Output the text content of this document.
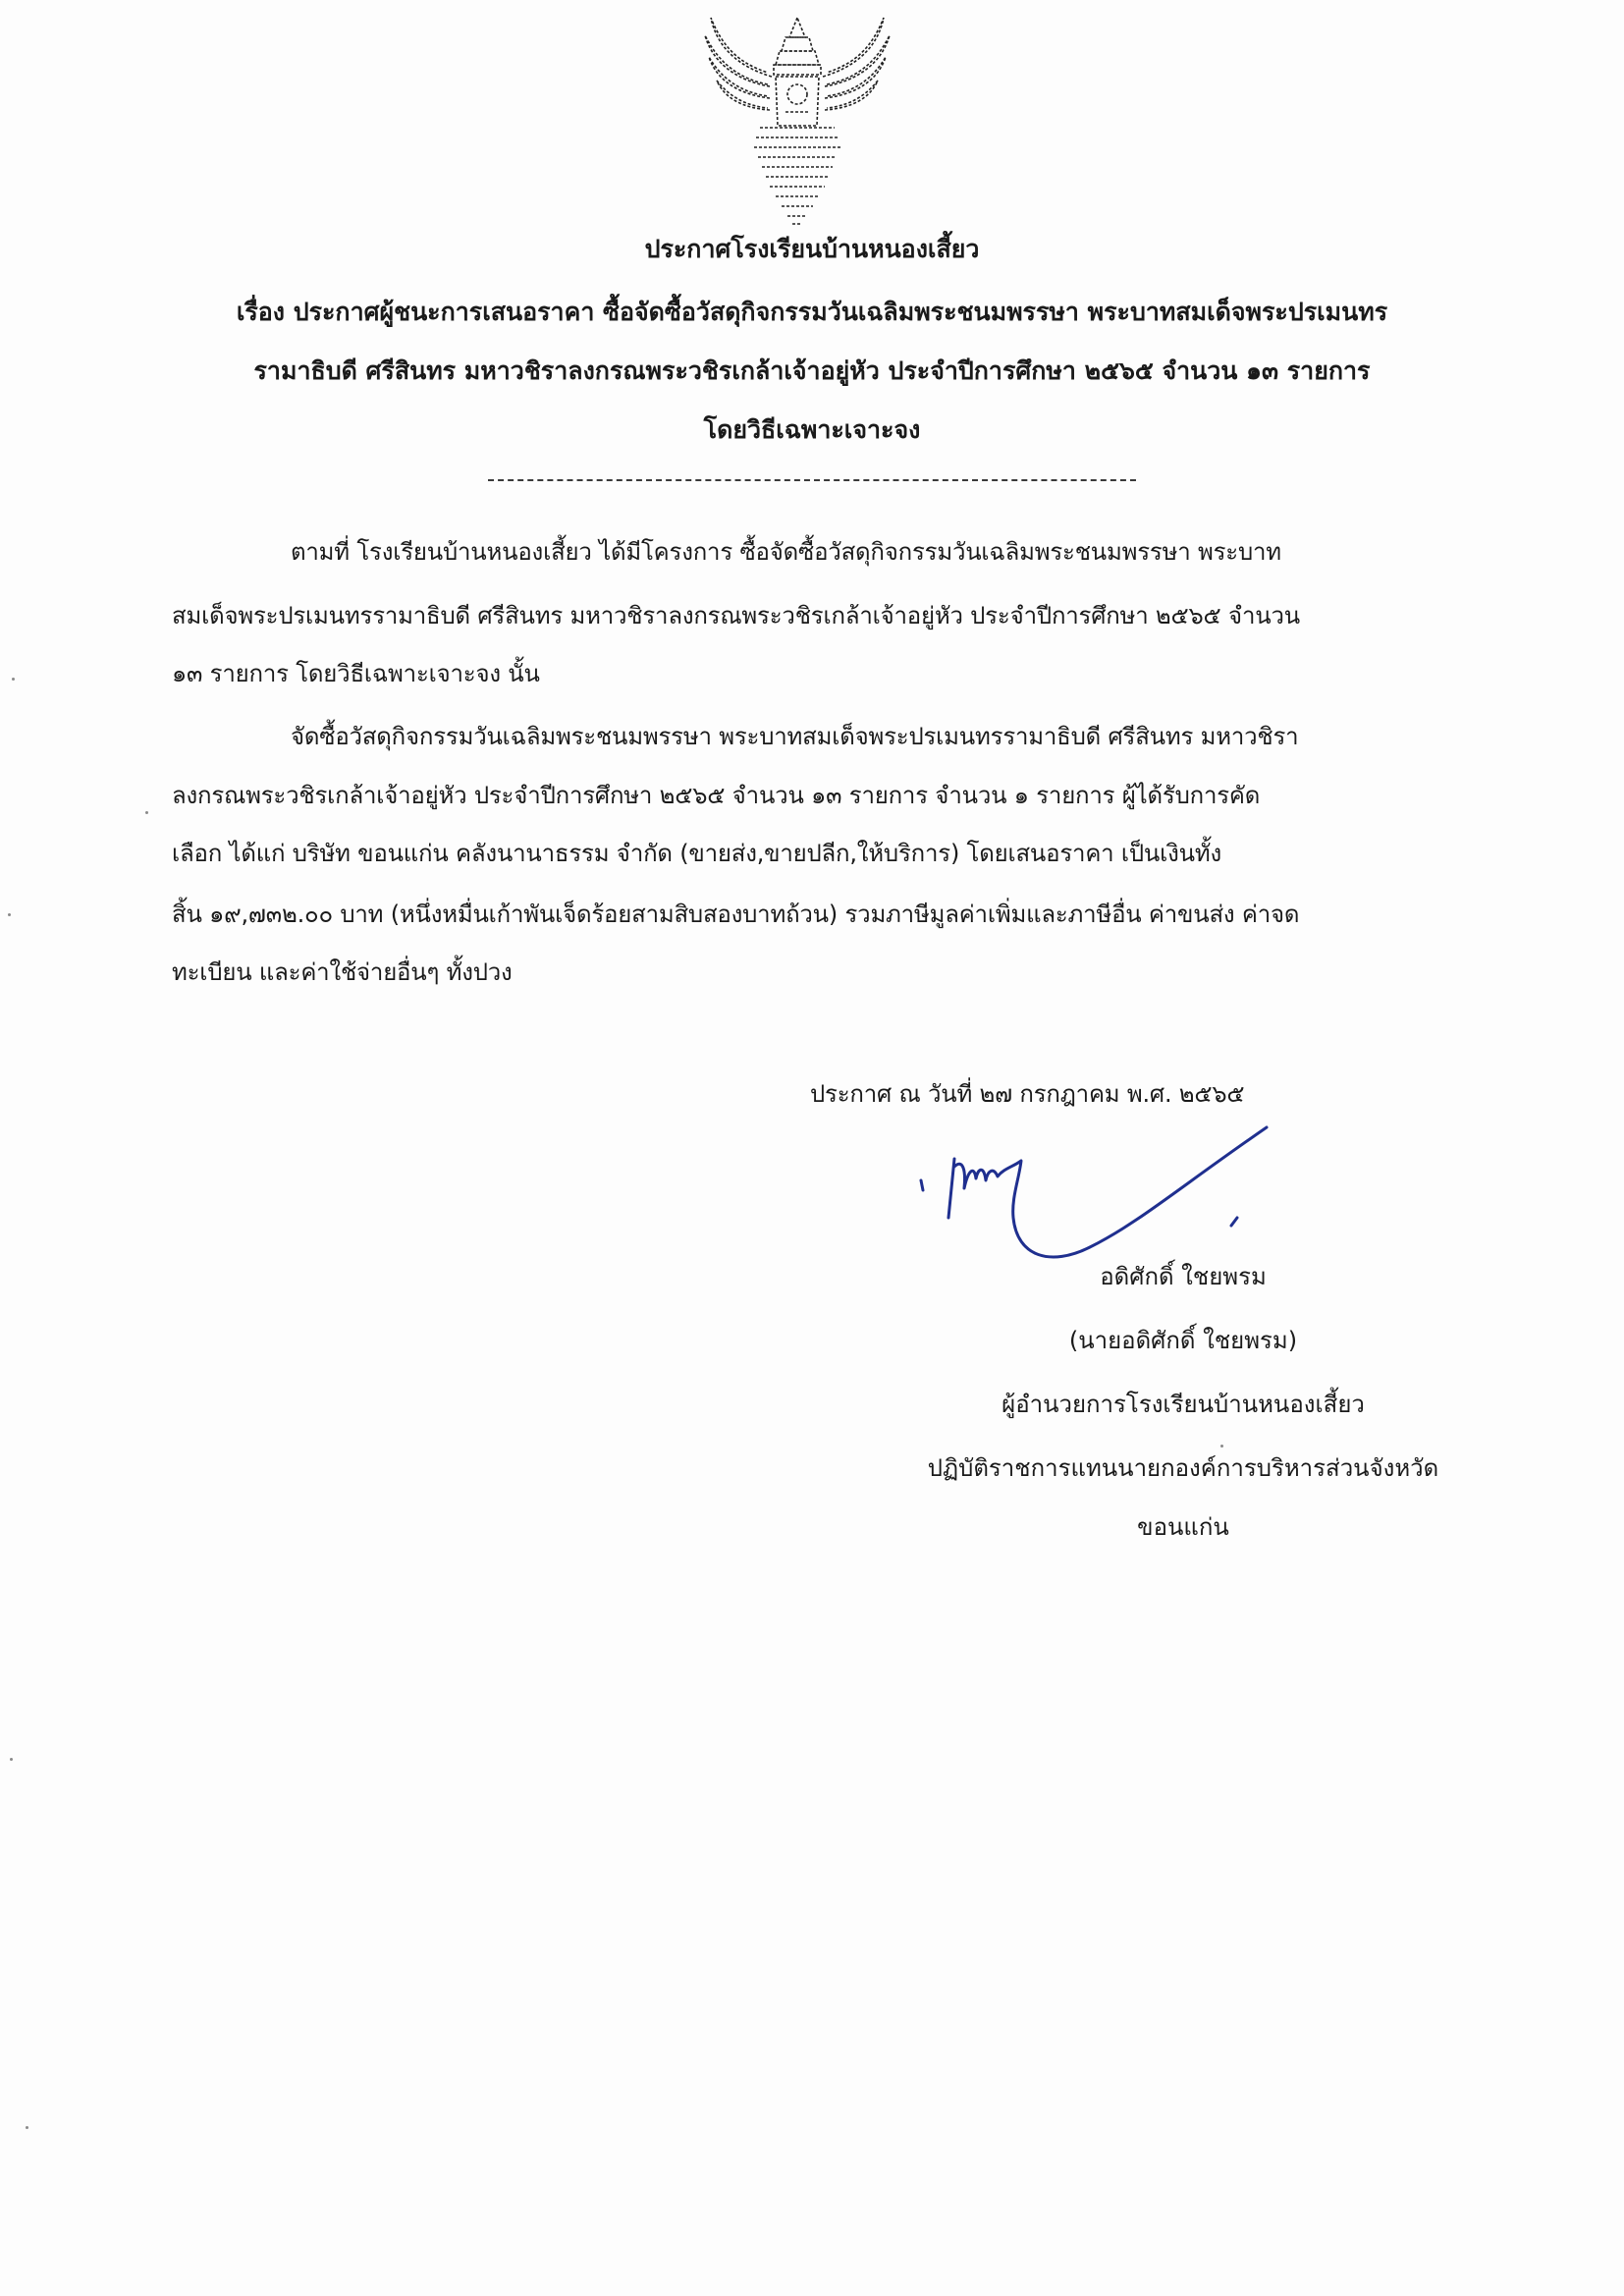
ประกาศโรงเรียนบ้านหนองเสี้ยว
เรื่อง ประกาศผู้ชนะการเสนอราคา ซื้อจัดซื้อวัสดุกิจกรรมวันเฉลิมพระชนมพรรษา พระบาทสมเด็จพระปรเมนทร
รามาธิบดี ศรีสินทร มหาวชิราลงกรณพระวชิรเกล้าเจ้าอยู่หัว ประจำปีการศึกษา ๒๕๖๕ จำนวน ๑๓ รายการ
โดยวิธีเฉพาะเจาะจง
ตามที่ โรงเรียนบ้านหนองเสี้ยว ได้มีโครงการ ซื้อจัดซื้อวัสดุกิจกรรมวันเฉลิมพระชนมพรรษา พระบาท
สมเด็จพระปรเมนทรรามาธิบดี ศรีสินทร มหาวชิราลงกรณพระวชิรเกล้าเจ้าอยู่หัว ประจำปีการศึกษา ๒๕๖๕ จำนวน
๑๓ รายการ โดยวิธีเฉพาะเจาะจง นั้น
จัดซื้อวัสดุกิจกรรมวันเฉลิมพระชนมพรรษา พระบาทสมเด็จพระปรเมนทรรามาธิบดี ศรีสินทร มหาวชิรา
ลงกรณพระวชิรเกล้าเจ้าอยู่หัว ประจำปีการศึกษา ๒๕๖๕ จำนวน ๑๓ รายการ จำนวน ๑ รายการ ผู้ได้รับการคัด
เลือก ได้แก่ บริษัท ขอนแก่น คลังนานาธรรม จำกัด (ขายส่ง,ขายปลีก,ให้บริการ) โดยเสนอราคา เป็นเงินทั้ง
สิ้น ๑๙,๗๓๒.๐๐ บาท (หนึ่งหมื่นเก้าพันเจ็ดร้อยสามสิบสองบาทถ้วน) รวมภาษีมูลค่าเพิ่มและภาษีอื่น ค่าขนส่ง ค่าจด
ทะเบียน และค่าใช้จ่ายอื่นๆ ทั้งปวง
ประกาศ ณ วันที่ ๒๗ กรกฎาคม พ.ศ. ๒๕๖๕
อดิศักดิ์ ใชยพรม
(นายอดิศักดิ์ ใชยพรม)
ผู้อำนวยการโรงเรียนบ้านหนองเสี้ยว
ปฏิบัติราชการแทนนายกองค์การบริหารส่วนจังหวัด
ขอนแก่น
